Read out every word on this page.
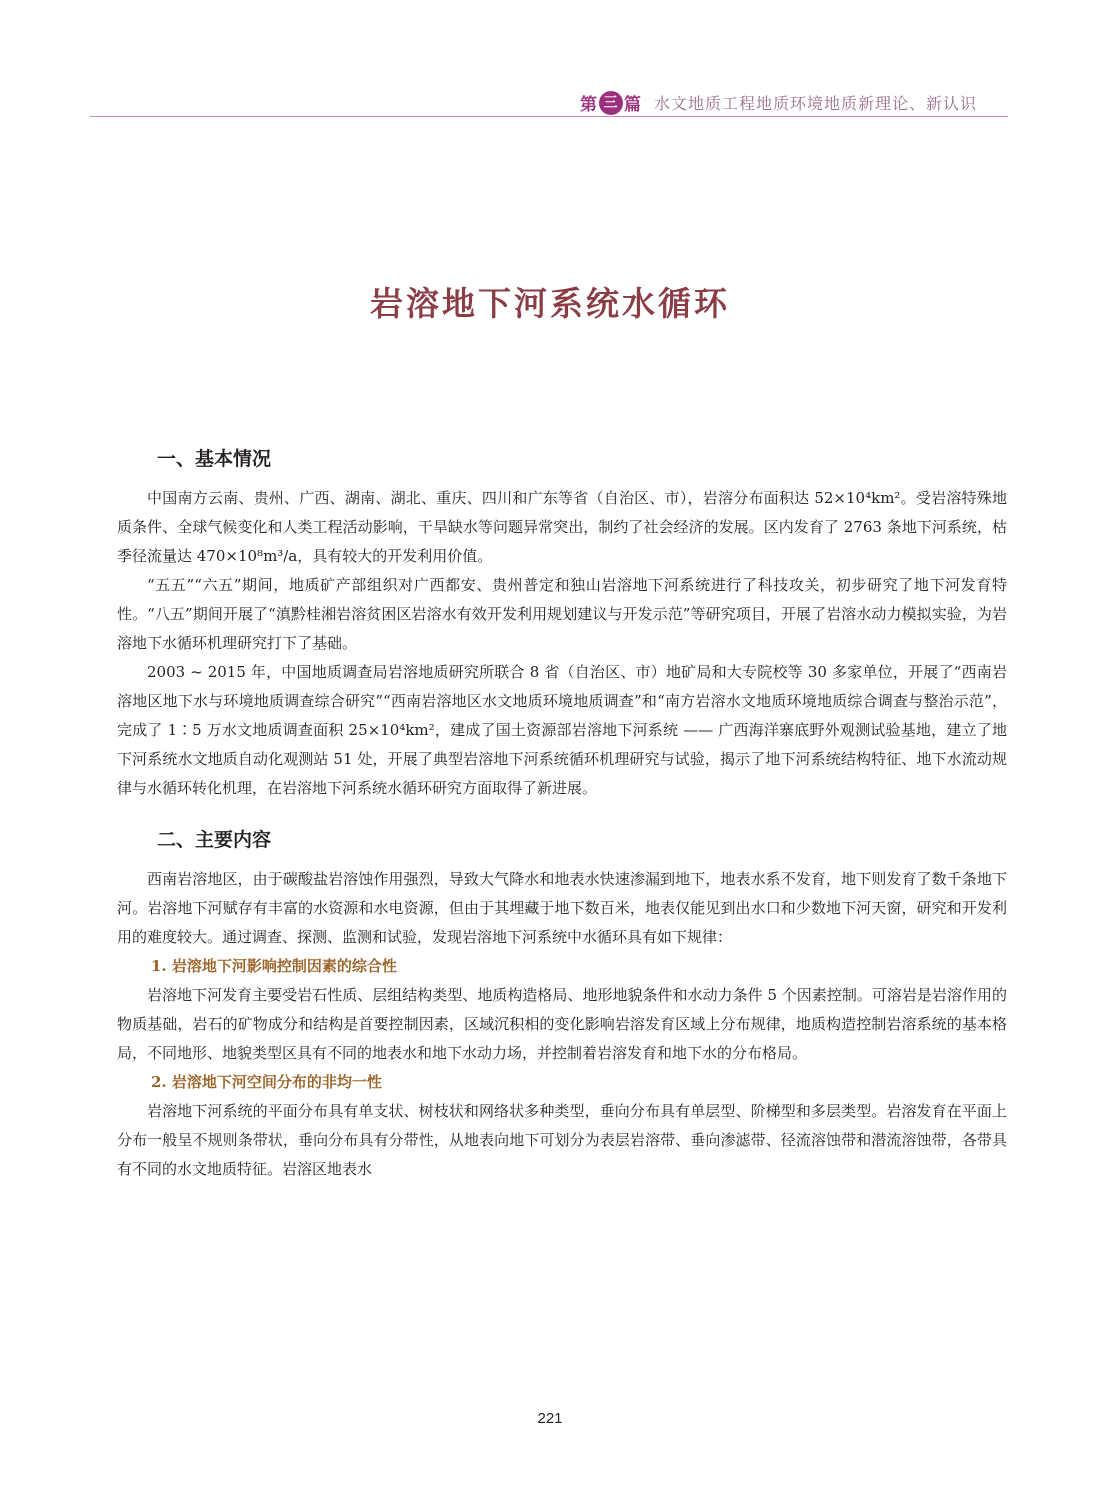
第 三 篇 水文地质工程地质环境地质新理论、新认识
岩溶地下河系统水循环
一、基本情况

中国南方云南、贵州、广西、湖南、湖北、重庆、四川和广东等省（自治区、市），岩溶分布面积达 52×10⁴km²。受岩溶特殊地质条件、全球气候变化和人类工程活动影响，干旱缺水等问题异常突出，制约了社会经济的发展。区内发育了 2763 条地下河系统，枯季径流量达 470×10⁸m³/a，具有较大的开发利用价值。

“五五”“六五”期间，地质矿产部组织对广西都安、贵州普定和独山岩溶地下河系统进行了科技攻关，初步研究了地下河发育特性。“八五”期间开展了“滇黔桂湘岩溶贫困区岩溶水有效开发利用规划建议与开发示范”等研究项目，开展了岩溶水动力模拟实验，为岩溶地下水循环机理研究打下了基础。

2003 ~ 2015 年，中国地质调查局岩溶地质研究所联合 8 省（自治区、市）地矿局和大专院校等 30 多家单位，开展了“西南岩溶地区地下水与环境地质调查综合研究”“西南岩溶地区水文地质环境地质调查”和“南方岩溶水文地质环境地质综合调查与整治示范”，完成了 1∶5 万水文地质调查面积 25×10⁴km²，建成了国土资源部岩溶地下河系统 —— 广西海洋寨底野外观测试验基地，建立了地下河系统水文地质自动化观测站 51 处，开展了典型岩溶地下河系统循环机理研究与试验，揭示了地下河系统结构特征、地下水流动规律与水循环转化机理，在岩溶地下河系统水循环研究方面取得了新进展。

二、主要内容

西南岩溶地区，由于碳酸盐岩溶蚀作用强烈，导致大气降水和地表水快速渗漏到地下，地表水系不发育，地下则发育了数千条地下河。岩溶地下河赋存有丰富的水资源和水电资源，但由于其埋藏于地下数百米，地表仅能见到出水口和少数地下河天窗，研究和开发利用的难度较大。通过调查、探测、监测和试验，发现岩溶地下河系统中水循环具有如下规律：

1. 岩溶地下河影响控制因素的综合性

岩溶地下河发育主要受岩石性质、层组结构类型、地质构造格局、地形地貌条件和水动力条件 5 个因素控制。可溶岩是岩溶作用的物质基础，岩石的矿物成分和结构是首要控制因素，区域沉积相的变化影响岩溶发育区域上分布规律，地质构造控制岩溶系统的基本格局，不同地形、地貌类型区具有不同的地表水和地下水动力场，并控制着岩溶发育和地下水的分布格局。

2. 岩溶地下河空间分布的非均一性

岩溶地下河系统的平面分布具有单支状、树枝状和网络状多种类型，垂向分布具有单层型、阶梯型和多层类型。岩溶发育在平面上分布一般呈不规则条带状，垂向分布具有分带性，从地表向地下可划分为表层岩溶带、垂向渗滤带、径流溶蚀带和潜流溶蚀带，各带具有不同的水文地质特征。岩溶区地表水

221
